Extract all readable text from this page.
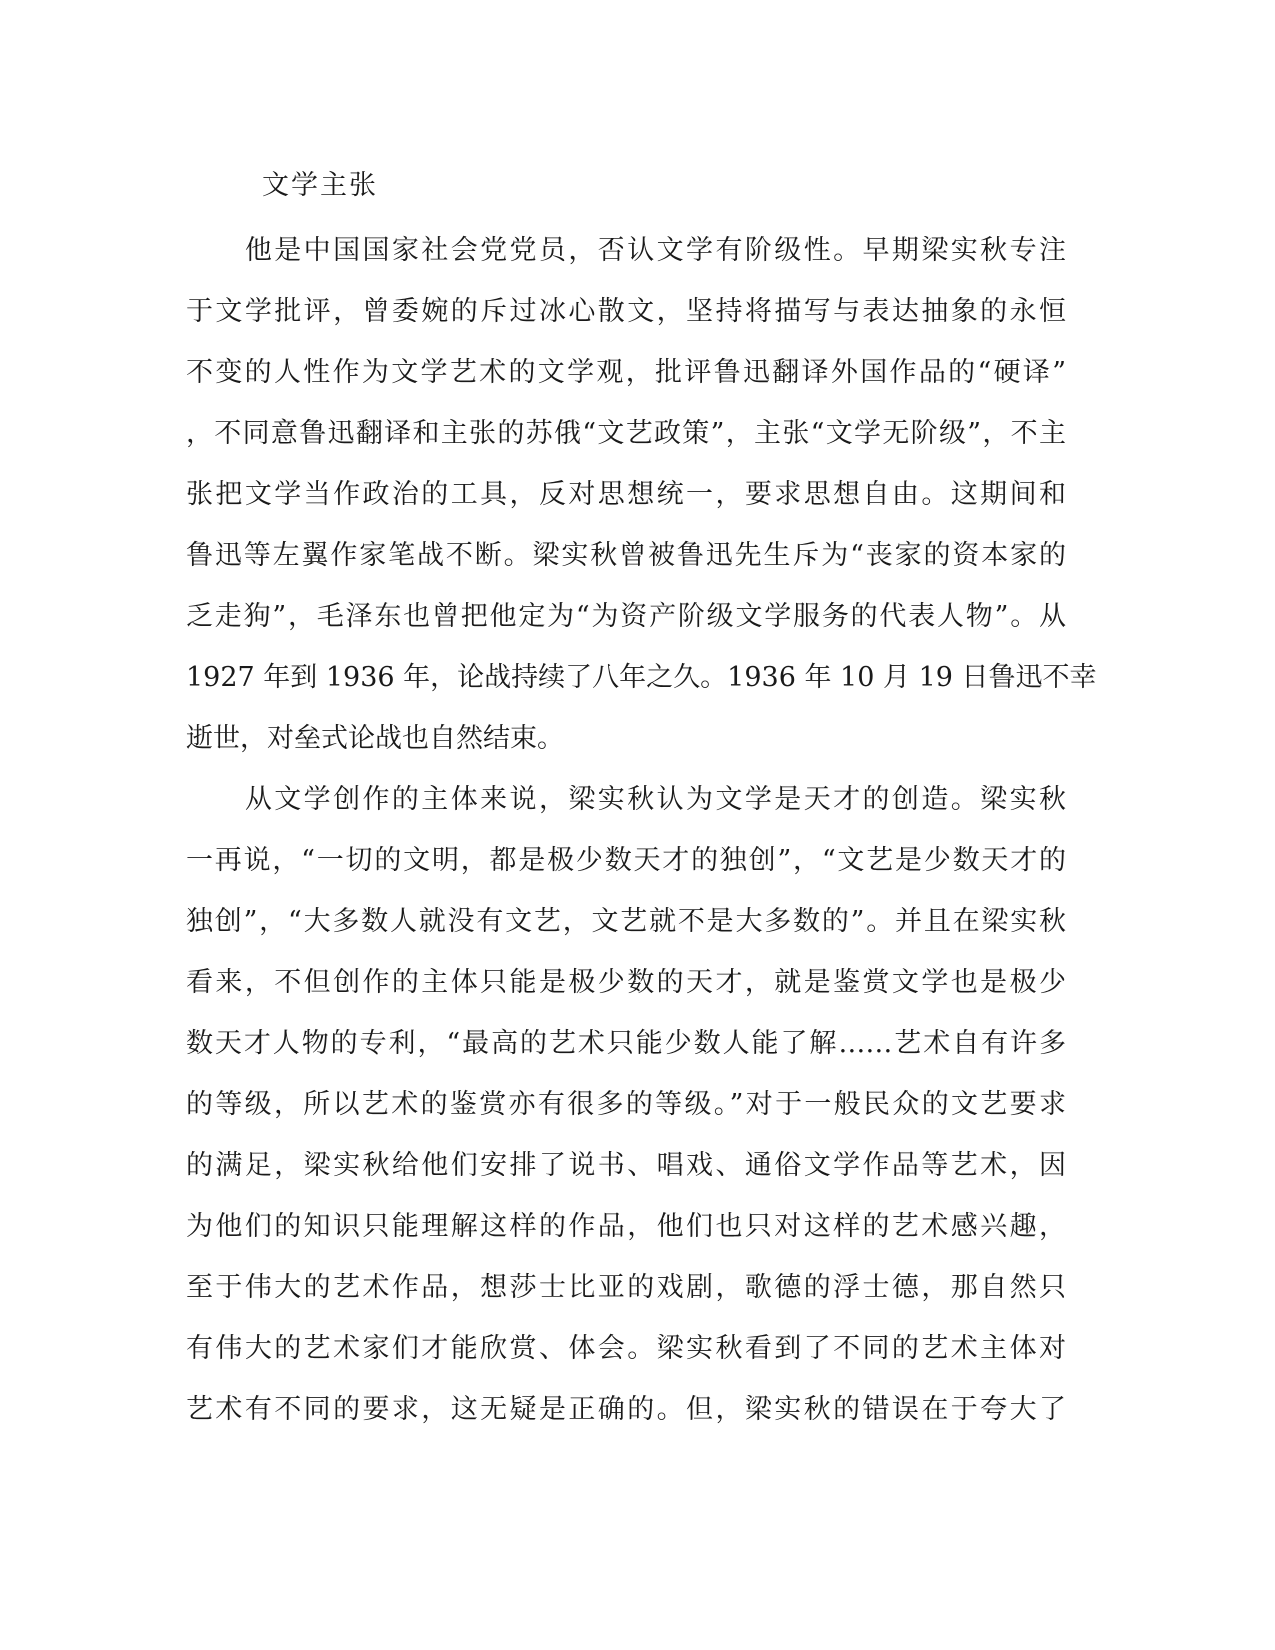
文学主张
　　他是中国国家社会党党员，否认文学有阶级性。早期梁实秋专注
于文学批评，曾委婉的斥过冰心散文，坚持将描写与表达抽象的永恒
不变的人性作为文学艺术的文学观，批评鲁迅翻译外国作品的“硬译”
，不同意鲁迅翻译和主张的苏俄“文艺政策”，主张“文学无阶级”，不主
张把文学当作政治的工具，反对思想统一，要求思想自由。这期间和
鲁迅等左翼作家笔战不断。梁实秋曾被鲁迅先生斥为“丧家的资本家的
乏走狗”，毛泽东也曾把他定为“为资产阶级文学服务的代表人物”。从
1927 年到 1936 年，论战持续了八年之久。1936 年 10 月 19 日鲁迅不幸
逝世，对垒式论战也自然结束。
　　从文学创作的主体来说，梁实秋认为文学是天才的创造。梁实秋
一再说，“一切的文明，都是极少数天才的独创”，“文艺是少数天才的
独创”，“大多数人就没有文艺，文艺就不是大多数的”。并且在梁实秋
看来，不但创作的主体只能是极少数的天才，就是鉴赏文学也是极少
数天才人物的专利，“最高的艺术只能少数人能了解……艺术自有许多
的等级，所以艺术的鉴赏亦有很多的等级。”对于一般民众的文艺要求
的满足，梁实秋给他们安排了说书、唱戏、通俗文学作品等艺术，因
为他们的知识只能理解这样的作品，他们也只对这样的艺术感兴趣，
至于伟大的艺术作品，想莎士比亚的戏剧，歌德的浮士德，那自然只
有伟大的艺术家们才能欣赏、体会。梁实秋看到了不同的艺术主体对
艺术有不同的要求，这无疑是正确的。但，梁实秋的错误在于夸大了
